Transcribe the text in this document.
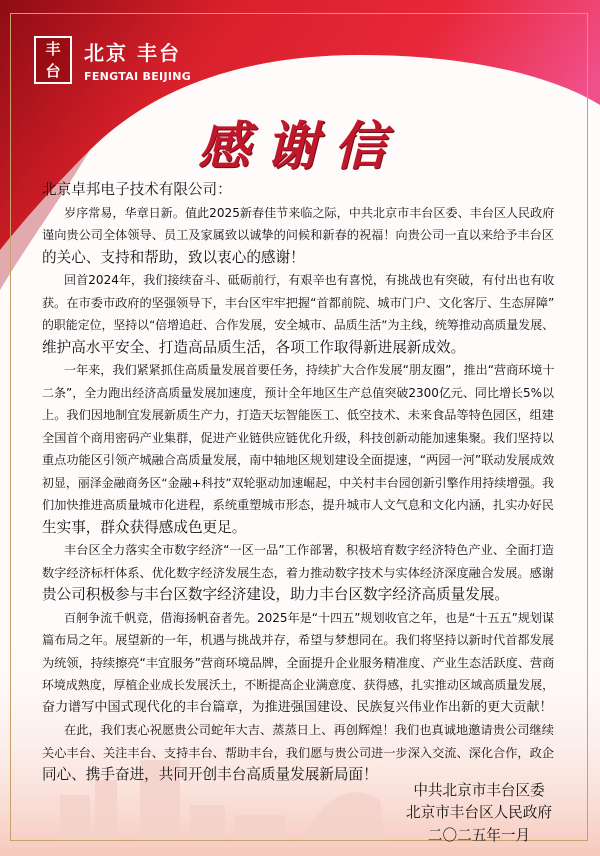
丰
台
北京 丰台
FENGTAI BEIJING
感谢信
北京卓邦电子技术有限公司：
岁序常易，华章日新。值此2025新春佳节来临之际，中共北京市丰台区委、丰台区人民政府
谨向贵公司全体领导、员工及家属致以诚挚的问候和新春的祝福！向贵公司一直以来给予丰台区
的关心、支持和帮助，致以衷心的感谢！
回首2024年，我们接续奋斗、砥砺前行，有艰辛也有喜悦，有挑战也有突破，有付出也有收
获。在市委市政府的坚强领导下，丰台区牢牢把握“首都前院、城市门户、文化客厅、生态屏障”
的职能定位，坚持以“倍增追赶、合作发展，安全城市、品质生活”为主线，统筹推动高质量发展、
维护高水平安全、打造高品质生活，各项工作取得新进展新成效。
一年来，我们紧紧抓住高质量发展首要任务，持续扩大合作发展“朋友圈”，推出“营商环境十
二条”，全力跑出经济高质量发展加速度，预计全年地区生产总值突破2300亿元、同比增长5%以
上。我们因地制宜发展新质生产力，打造天坛智能医工、低空技术、未来食品等特色园区，组建
全国首个商用密码产业集群，促进产业链供应链优化升级，科技创新动能加速集聚。我们坚持以
重点功能区引领产城融合高质量发展，南中轴地区规划建设全面提速，“两园一河”联动发展成效
初显，丽泽金融商务区“金融+科技”双轮驱动加速崛起，中关村丰台园创新引擎作用持续增强。我
们加快推进高质量城市化进程，系统重塑城市形态，提升城市人文气息和文化内涵，扎实办好民
生实事，群众获得感成色更足。
丰台区全力落实全市数字经济“一区一品”工作部署，积极培育数字经济特色产业、全面打造
数字经济标杆体系、优化数字经济发展生态，着力推动数字技术与实体经济深度融合发展。感谢
贵公司积极参与丰台区数字经济建设，助力丰台区数字经济高质量发展。
百舸争流千帆竞，借海扬帆奋者先。2025年是“十四五”规划收官之年，也是“十五五”规划谋
篇布局之年。展望新的一年，机遇与挑战并存，希望与梦想同在。我们将坚持以新时代首都发展
为统领，持续擦亮“丰宜服务”营商环境品牌，全面提升企业服务精准度、产业生态活跃度、营商
环境成熟度，厚植企业成长发展沃土，不断提高企业满意度、获得感，扎实推动区域高质量发展，
奋力谱写中国式现代化的丰台篇章，为推进强国建设、民族复兴伟业作出新的更大贡献！
在此，我们衷心祝愿贵公司蛇年大吉、蒸蒸日上、再创辉煌！我们也真诚地邀请贵公司继续
关心丰台、关注丰台、支持丰台、帮助丰台，我们愿与贵公司进一步深入交流、深化合作，政企
同心、携手奋进，共同开创丰台高质量发展新局面！
中共北京市丰台区委
北京市丰台区人民政府
二〇二五年一月
